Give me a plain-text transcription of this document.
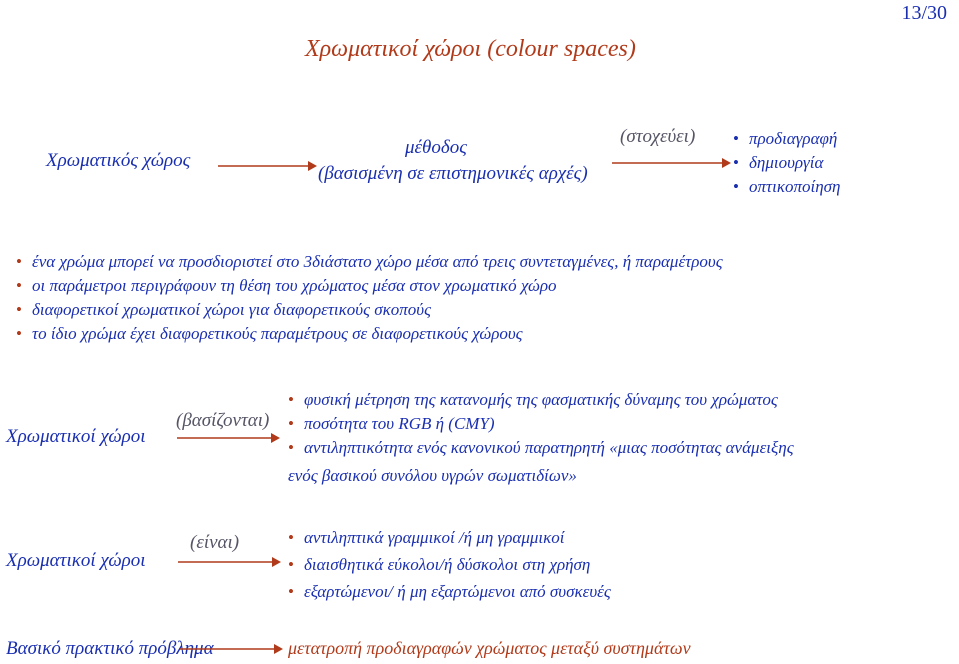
13/30
Χρωματικοί χώροι (colour spaces)
Χρωματικός χώρος
μέθοδος
(βασισμένη σε επιστημονικές αρχές)
(στοχεύει)	• προδιαγραφή
• δημιουργία
• οπτικοποίηση
• ένα χρώμα μπορεί να προσδιοριστεί στο 3διάστατο χώρο μέσα από τρεις συντεταγμένες, ή παραμέτρους
• οι παράμετροι περιγράφουν τη θέση του χρώματος μέσα στον χρωματικό χώρο
• διαφορετικοί χρωματικοί χώροι για διαφορετικούς σκοπούς
• το ίδιο χρώμα έχει διαφορετικούς παραμέτρους σε διαφορετικούς χώρους
Χρωματικοί χώροι
(βασίζονται)
• φυσική μέτρηση της κατανομής της φασματικής δύναμης του χρώματος
• ποσότητα του RGB ή (CMY)
• αντιληπτικότητα ενός κανονικού παρατηρητή «μιας ποσότητας ανάμειξης
ενός βασικού συνόλου υγρών σωματιδίων»
Χρωματικοί χώροι
(είναι)	• αντιληπτικά γραμμικοί /ή μη γραμμικοί
• διαισθητικά εύκολοι/ή δύσκολοι στη χρήση
• εξαρτώμενοι/ ή μη εξαρτώμενοι από συσκευές
Βασικό πρακτικό πρόβλημα	μετατροπή προδιαγραφών χρώματος μεταξύ συστημάτων
